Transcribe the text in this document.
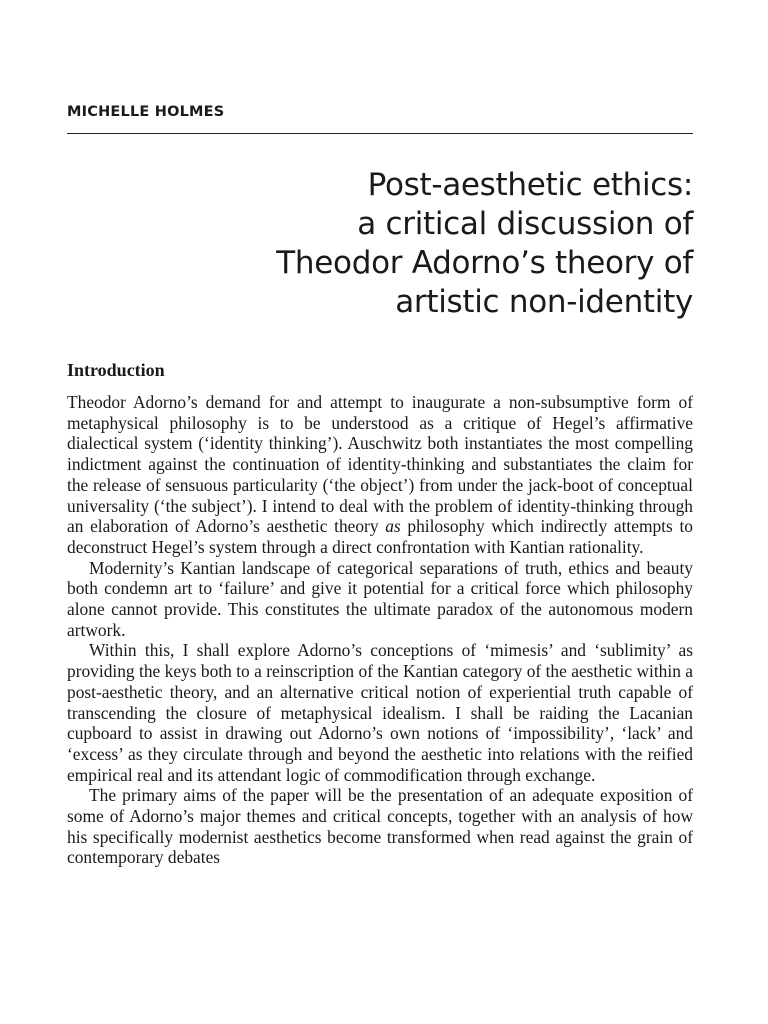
MICHELLE HOLMES

Post-aesthetic ethics:
a critical discussion of
Theodor Adorno’s theory of
artistic non-identity
Introduction

Theodor Adorno’s demand for and attempt to inaugurate a non-subsumptive form of metaphysical philosophy is to be understood as a critique of Hegel’s affirmative dialectical system (‘identity thinking’). Auschwitz both instantiates the most compelling indictment against the continuation of identity-thinking and substantiates the claim for the release of sensuous particularity (‘the object’) from under the jack-boot of conceptual universality (‘the subject’). I intend to deal with the problem of identity-thinking through an elaboration of Adorno’s aesthetic theory as philosophy which indirectly attempts to deconstruct Hegel’s system through a direct confrontation with Kantian rationality.

Modernity’s Kantian landscape of categorical separations of truth, ethics and beauty both condemn art to ‘failure’ and give it potential for a critical force which philosophy alone cannot provide. This constitutes the ultimate paradox of the autonomous modern artwork.

Within this, I shall explore Adorno’s conceptions of ‘mimesis’ and ‘sublimity’ as providing the keys both to a reinscription of the Kantian category of the aesthetic within a post-aesthetic theory, and an alternative critical notion of experiential truth capable of transcending the closure of metaphysical idealism. I shall be raiding the Lacanian cupboard to assist in drawing out Adorno’s own notions of ‘impossibility’, ‘lack’ and ‘excess’ as they circulate through and beyond the aesthetic into relations with the reified empirical real and its attendant logic of commodification through exchange.

The primary aims of the paper will be the presentation of an adequate exposition of some of Adorno’s major themes and critical concepts, together with an analysis of how his specifically modernist aesthetics become transformed when read against the grain of contemporary debates
